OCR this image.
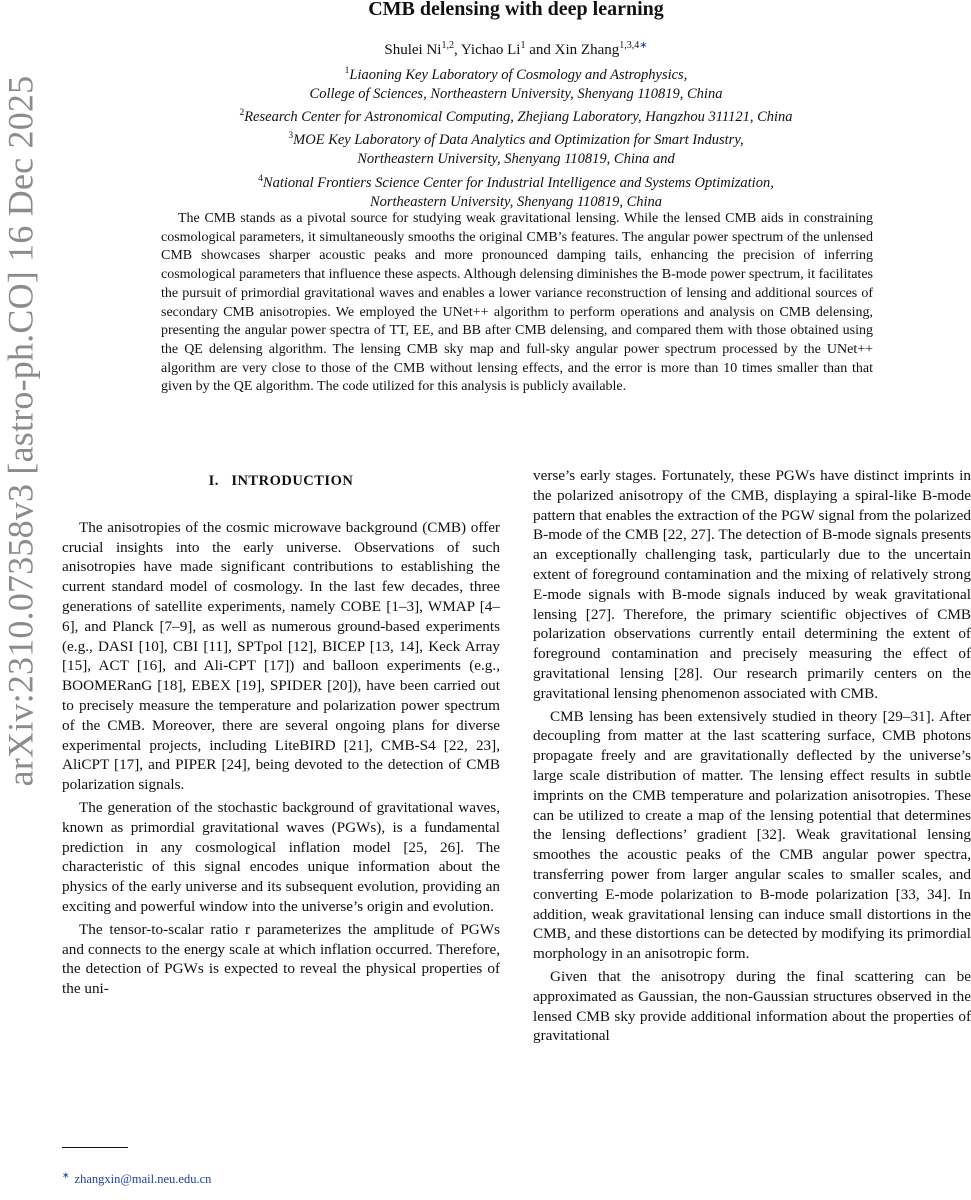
arXiv:2310.07358v3 [astro-ph.CO] 16 Dec 2025
CMB delensing with deep learning
Shulei Ni$^{1,2}$, Yichao Li$^1$ and Xin Zhang$^{1,3,4∗}$
$^1$Liaoning Key Laboratory of Cosmology and Astrophysics,
College of Sciences, Northeastern University, Shenyang 110819, China
$^2$Research Center for Astronomical Computing, Zhejiang Laboratory, Hangzhou 311121, China
$^3$MOE Key Laboratory of Data Analytics and Optimization for Smart Industry,
Northeastern University, Shenyang 110819, China and
$^4$National Frontiers Science Center for Industrial Intelligence and Systems Optimization,
Northeastern University, Shenyang 110819, China

The CMB stands as a pivotal source for studying weak gravitational lensing. While the lensed CMB aids in constraining cosmological parameters, it simultaneously smooths the original CMB’s features. The angular power spectrum of the unlensed CMB showcases sharper acoustic peaks and more pronounced damping tails, enhancing the precision of inferring cosmological parameters that influence these aspects. Although delensing diminishes the B-mode power spectrum, it facilitates the pursuit of primordial gravitational waves and enables a lower variance reconstruction of lensing and additional sources of secondary CMB anisotropies. We employed the UNet++ algorithm to perform operations and analysis on CMB delensing, presenting the angular power spectra of TT, EE, and BB after CMB delensing, and compared them with those obtained using the QE delensing algorithm. The lensing CMB sky map and full-sky angular power spectrum processed by the UNet++ algorithm are very close to those of the CMB without lensing effects, and the error is more than 10 times smaller than that given by the QE algorithm. The code utilized for this analysis is publicly available.

I. INTRODUCTION

The anisotropies of the cosmic microwave background (CMB) offer crucial insights into the early universe. Observations of such anisotropies have made significant contributions to establishing the current standard model of cosmology. In the last few decades, three generations of satellite experiments, namely COBE [1–3], WMAP [4–6], and Planck [7–9], as well as numerous ground-based experiments (e.g., DASI [10], CBI [11], SPTpol [12], BICEP [13, 14], Keck Array [15], ACT [16], and Ali-CPT [17]) and balloon experiments (e.g., BOOMERanG [18], EBEX [19], SPIDER [20]), have been carried out to precisely measure the temperature and polarization power spectrum of the CMB. Moreover, there are several ongoing plans for diverse experimental projects, including LiteBIRD [21], CMB-S4 [22, 23], AliCPT [17], and PIPER [24], being devoted to the detection of CMB polarization signals.

The generation of the stochastic background of gravitational waves, known as primordial gravitational waves (PGWs), is a fundamental prediction in any cosmological inflation model [25, 26]. The characteristic of this signal encodes unique information about the physics of the early universe and its subsequent evolution, providing an exciting and powerful window into the universe’s origin and evolution.

The tensor-to-scalar ratio r parameterizes the amplitude of PGWs and connects to the energy scale at which inflation occurred. Therefore, the detection of PGWs is expected to reveal the physical properties of the uni-

verse’s early stages. Fortunately, these PGWs have distinct imprints in the polarized anisotropy of the CMB, displaying a spiral-like B-mode pattern that enables the extraction of the PGW signal from the polarized B-mode of the CMB [22, 27]. The detection of B-mode signals presents an exceptionally challenging task, particularly due to the uncertain extent of foreground contamination and the mixing of relatively strong E-mode signals with B-mode signals induced by weak gravitational lensing [27]. Therefore, the primary scientific objectives of CMB polarization observations currently entail determining the extent of foreground contamination and precisely measuring the effect of gravitational lensing [28]. Our research primarily centers on the gravitational lensing phenomenon associated with CMB.

CMB lensing has been extensively studied in theory [29–31]. After decoupling from matter at the last scattering surface, CMB photons propagate freely and are gravitationally deflected by the universe’s large scale distribution of matter. The lensing effect results in subtle imprints on the CMB temperature and polarization anisotropies. These can be utilized to create a map of the lensing potential that determines the lensing deflections’ gradient [32]. Weak gravitational lensing smoothes the acoustic peaks of the CMB angular power spectra, transferring power from larger angular scales to smaller scales, and converting E-mode polarization to B-mode polarization [33, 34]. In addition, weak gravitational lensing can induce small distortions in the CMB, and these distortions can be detected by modifying its primordial morphology in an anisotropic form.

Given that the anisotropy during the final scattering can be approximated as Gaussian, the non-Gaussian structures observed in the lensed CMB sky provide additional information about the properties of gravitational

∗ zhangxin@mail.neu.edu.cn
